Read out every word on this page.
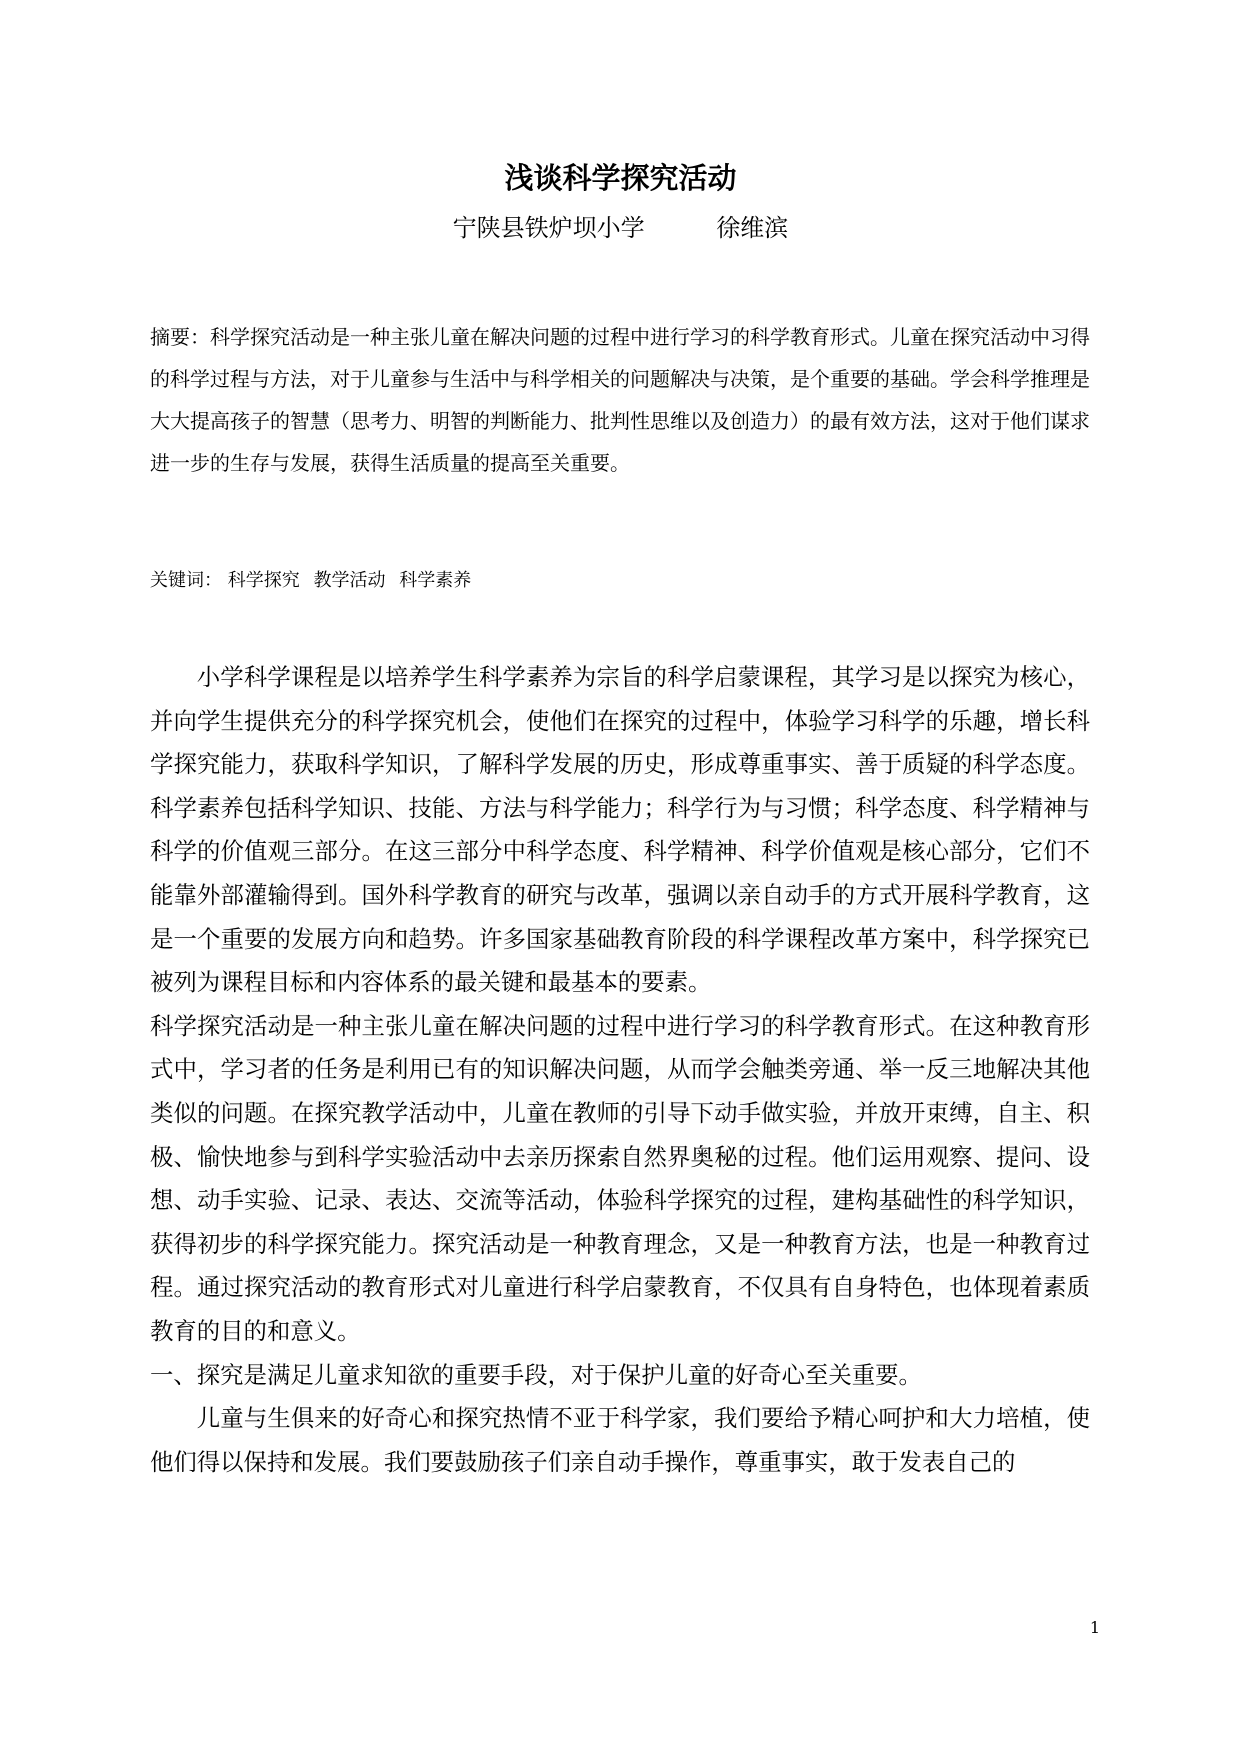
浅谈科学探究活动
宁陕县铁炉坝小学	徐维滨
摘要：科学探究活动是一种主张儿童在解决问题的过程中进行学习的科学教育形式。儿童在探究活动中习得的科学过程与方法，对于儿童参与生活中与科学相关的问题解决与决策，是个重要的基础。学会科学推理是大大提高孩子的智慧（思考力、明智的判断能力、批判性思维以及创造力）的最有效方法，这对于他们谋求进一步的生存与发展，获得生活质量的提高至关重要。
关键词： 科学探究 教学活动 科学素养

小学科学课程是以培养学生科学素养为宗旨的科学启蒙课程，其学习是以探究为核心，并向学生提供充分的科学探究机会，使他们在探究的过程中，体验学习科学的乐趣，增长科学探究能力，获取科学知识，了解科学发展的历史，形成尊重事实、善于质疑的科学态度。科学素养包括科学知识、技能、方法与科学能力；科学行为与习惯；科学态度、科学精神与科学的价值观三部分。在这三部分中科学态度、科学精神、科学价值观是核心部分，它们不能靠外部灌输得到。国外科学教育的研究与改革，强调以亲自动手的方式开展科学教育，这是一个重要的发展方向和趋势。许多国家基础教育阶段的科学课程改革方案中，科学探究已被列为课程目标和内容体系的最关键和最基本的要素。

科学探究活动是一种主张儿童在解决问题的过程中进行学习的科学教育形式。在这种教育形式中，学习者的任务是利用已有的知识解决问题，从而学会触类旁通、举一反三地解决其他类似的问题。在探究教学活动中，儿童在教师的引导下动手做实验，并放开束缚，自主、积极、愉快地参与到科学实验活动中去亲历探索自然界奥秘的过程。他们运用观察、提问、设想、动手实验、记录、表达、交流等活动，体验科学探究的过程，建构基础性的科学知识，获得初步的科学探究能力。探究活动是一种教育理念，又是一种教育方法，也是一种教育过程。通过探究活动的教育形式对儿童进行科学启蒙教育，不仅具有自身特色，也体现着素质教育的目的和意义。

一、探究是满足儿童求知欲的重要手段，对于保护儿童的好奇心至关重要。

儿童与生俱来的好奇心和探究热情不亚于科学家，我们要给予精心呵护和大力培植，使他们得以保持和发展。我们要鼓励孩子们亲自动手操作，尊重事实，敢于发表自己的

1
